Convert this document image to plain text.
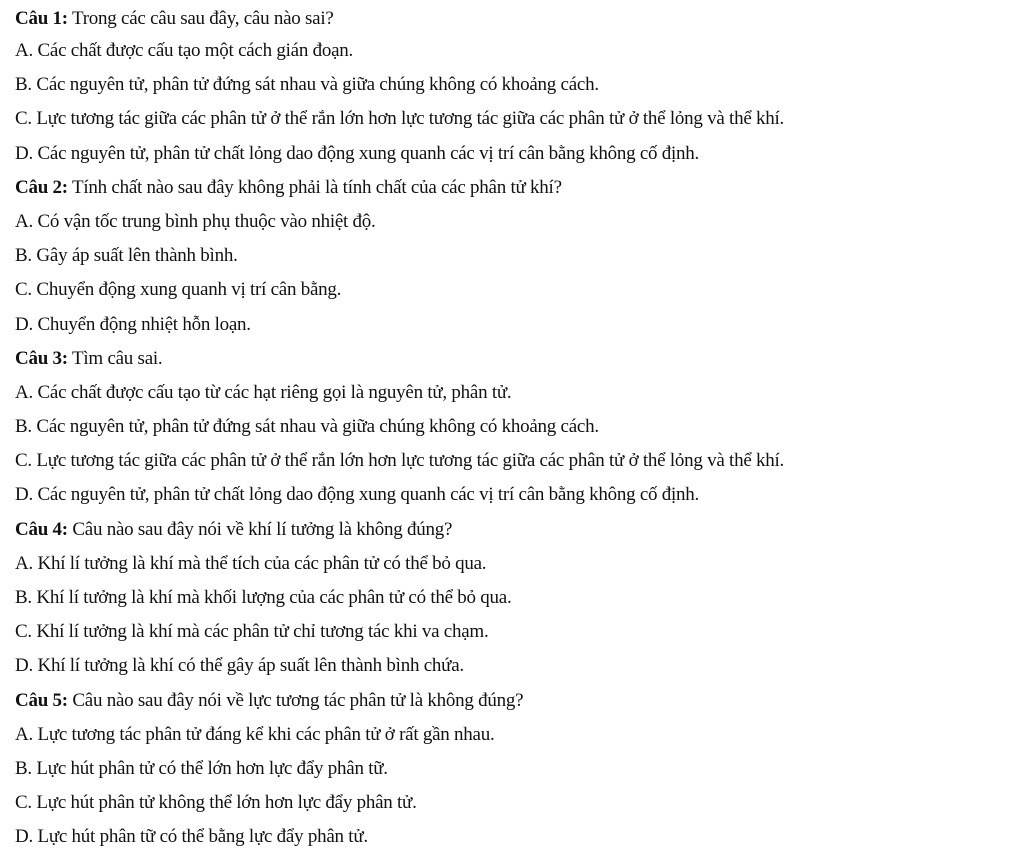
Câu 1: Trong các câu sau đây, câu nào sai?
A. Các chất được cấu tạo một cách gián đoạn.
B. Các nguyên tử, phân tử đứng sát nhau và giữa chúng không có khoảng cách.
C. Lực tương tác giữa các phân tử ở thể rắn lớn hơn lực tương tác giữa các phân tử ở thể lỏng và thể khí.
D. Các nguyên tử, phân tử chất lỏng dao động xung quanh các vị trí cân bằng không cố định.
Câu 2: Tính chất nào sau đây không phải là tính chất của các phân tử khí?
A. Có vận tốc trung bình phụ thuộc vào nhiệt độ.
B. Gây áp suất lên thành bình.
C. Chuyển động xung quanh vị trí cân bằng.
D. Chuyển động nhiệt hỗn loạn.
Câu 3: Tìm câu sai.
A. Các chất được cấu tạo từ các hạt riêng gọi là nguyên tử, phân tử.
B. Các nguyên tử, phân tử đứng sát nhau và giữa chúng không có khoảng cách.
C. Lực tương tác giữa các phân tử ở thể rắn lớn hơn lực tương tác giữa các phân tử ở thể lỏng và thể khí.
D. Các nguyên tử, phân tử chất lỏng dao động xung quanh các vị trí cân bằng không cố định.
Câu 4: Câu nào sau đây nói về khí lí tưởng là không đúng?
A. Khí lí tưởng là khí mà thể tích của các phân tử có thể bỏ qua.
B. Khí lí tưởng là khí mà khối lượng của các phân tử có thể bỏ qua.
C. Khí lí tưởng là khí mà các phân tử chỉ tương tác khi va chạm.
D. Khí lí tưởng là khí có thể gây áp suất lên thành bình chứa.
Câu 5: Câu nào sau đây nói về lực tương tác phân tử là không đúng?
A. Lực tương tác phân tử đáng kể khi các phân tử ở rất gần nhau.
B. Lực hút phân tử có thể lớn hơn lực đẩy phân tữ.
C. Lực hút phân tử không thể lớn hơn lực đẩy phân tử.
D. Lực hút phân tữ có thể bằng lực đẩy phân tử.
